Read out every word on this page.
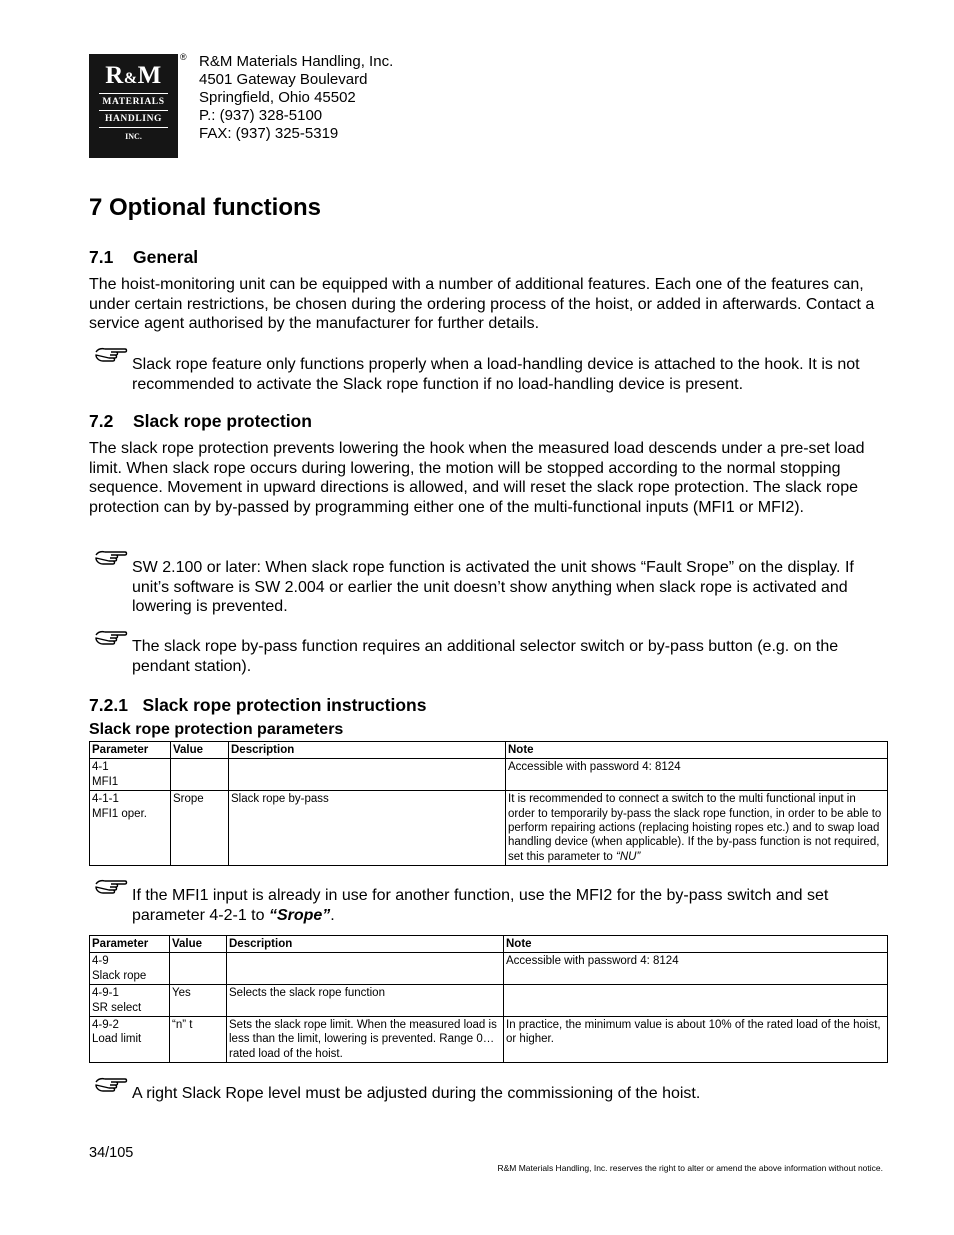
R&M
MATERIALS
HANDLING
INC.
® R&M Materials Handling, Inc.
4501 Gateway Boulevard
Springfield, Ohio 45502
P.: (937) 328-5100
FAX: (937) 325-5319
7 Optional functions
7.1 General

The hoist-monitoring unit can be equipped with a number of additional features. Each one of the features can, under certain restrictions, be chosen during the ordering process of the hoist, or added in afterwards. Contact a service agent authorised by the manufacturer for further details.

Slack rope feature only functions properly when a load-handling device is attached to the hook. It is not recommended to activate the Slack rope function if no load-handling device is present.

7.2 Slack rope protection

The slack rope protection prevents lowering the hook when the measured load descends under a pre-set load limit. When slack rope occurs during lowering, the motion will be stopped according to the normal stopping sequence. Movement in upward directions is allowed, and will reset the slack rope protection. The slack rope protection can by by-passed by programming either one of the multi-functional inputs (MFI1 or MFI2).

SW 2.100 or later: When slack rope function is activated the unit shows “Fault Srope” on the display. If unit’s software is SW 2.004 or earlier the unit doesn’t show anything when slack rope is activated and lowering is prevented.

The slack rope by-pass function requires an additional selector switch or by-pass button (e.g. on the pendant station).

7.2.1 Slack rope protection instructions

Slack rope protection parameters

Parameter	Value	Description	Note

4-1
MFI1			Accessible with password 4: 8124

4-1-1
MFI1 oper.	Srope	Slack rope by-pass	It is recommended to connect a switch to the multi functional input in order to temporarily by-pass the slack rope function, in order to be able to perform repairing actions (replacing hoisting ropes etc.) and to swap load handling device (when applicable). If the by-pass function is not required, set this parameter to “NU”

If the MFI1 input is already in use for another function, use the MFI2 for the by-pass switch and set parameter 4-2-1 to “Srope”.

Parameter	Value	Description	Note

4-9
Slack rope			Accessible with password 4: 8124

4-9-1
SR select	Yes	Selects the slack rope function	

4-9-2
Load limit	“n” t	Sets the slack rope limit. When the measured load is less than the limit, lowering is prevented. Range 0…rated load of the hoist.	In practice, the minimum value is about 10% of the rated load of the hoist, or higher.

A right Slack Rope level must be adjusted during the commissioning of the hoist.

34/105
R&M Materials Handling, Inc. reserves the right to alter or amend the above information without notice.
